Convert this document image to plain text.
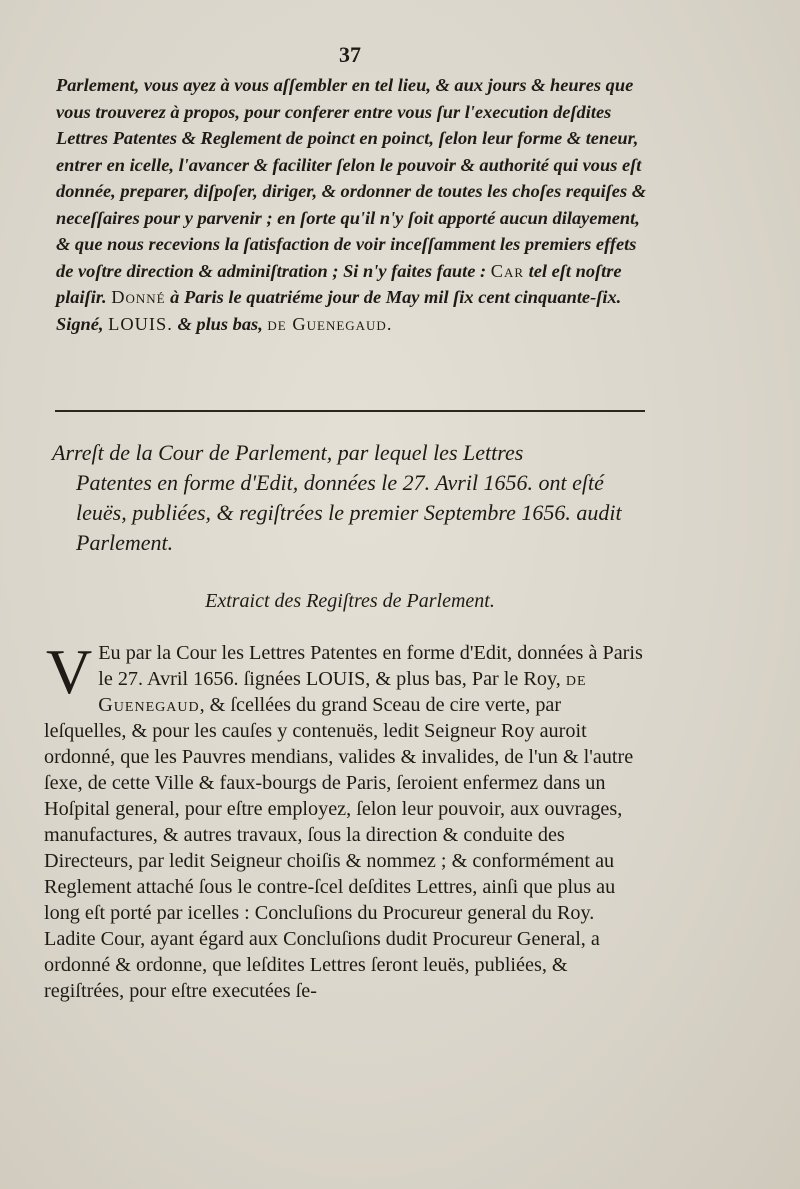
37

Parlement, vous ayez à vous aſſembler en tel lieu, & aux jours & heures que vous trouverez à propos, pour conferer entre vous ſur l'execution deſdites Lettres Patentes & Reglement de poinct en poinct, ſelon leur forme & teneur, entrer en icelle, l'avancer & faciliter ſelon le pouvoir & authorité qui vous eſt donnée, preparer, diſpoſer, diriger, & ordonner de toutes les choſes requiſes & neceſſaires pour y parvenir ; en ſorte qu'il n'y ſoit apporté aucun dilayement, & que nous recevions la ſatisfaction de voir inceſſamment les premiers effets de voſtre direction & adminiſtration ; Si n'y faites faute : Car tel eſt noſtre plaiſir. Donné à Paris le quatriéme jour de May mil ſix cent cinquante-ſix. Signé, LOUIS. & plus bas, de Guenegaud.

Arreſt de la Cour de Parlement, par lequel les Lettres
Patentes en forme d'Edit, données le 27. Avril 1656. ont eſté leuës, publiées, & regiſtrées le premier Septembre 1656. audit Parlement.

Extraict des Regiſtres de Parlement.

V Eu par la Cour les Lettres Patentes en forme d'Edit, données à Paris le 27. Avril 1656. ſignées LOUIS, & plus bas, Par le Roy, de Guenegaud, & ſcellées du grand Sceau de cire verte, par leſquelles, & pour les cauſes y contenuës, ledit Seigneur Roy auroit ordonné, que les Pauvres mendians, valides & invalides, de l'un & l'autre ſexe, de cette Ville & faux-bourgs de Paris, ſeroient enfermez dans un Hoſpital general, pour eſtre employez, ſelon leur pouvoir, aux ouvrages, manufactures, & autres travaux, ſous la direction & conduite des Directeurs, par ledit Seigneur choiſis & nommez ; & conformément au Reglement attaché ſous le contre-ſcel deſdites Lettres, ainſi que plus au long eſt porté par icelles : Concluſions du Procureur general du Roy. Ladite Cour, ayant égard aux Concluſions dudit Procureur General, a ordonné & ordonne, que leſdites Lettres ſeront leuës, publiées, & regiſtrées, pour eſtre executées ſe-
